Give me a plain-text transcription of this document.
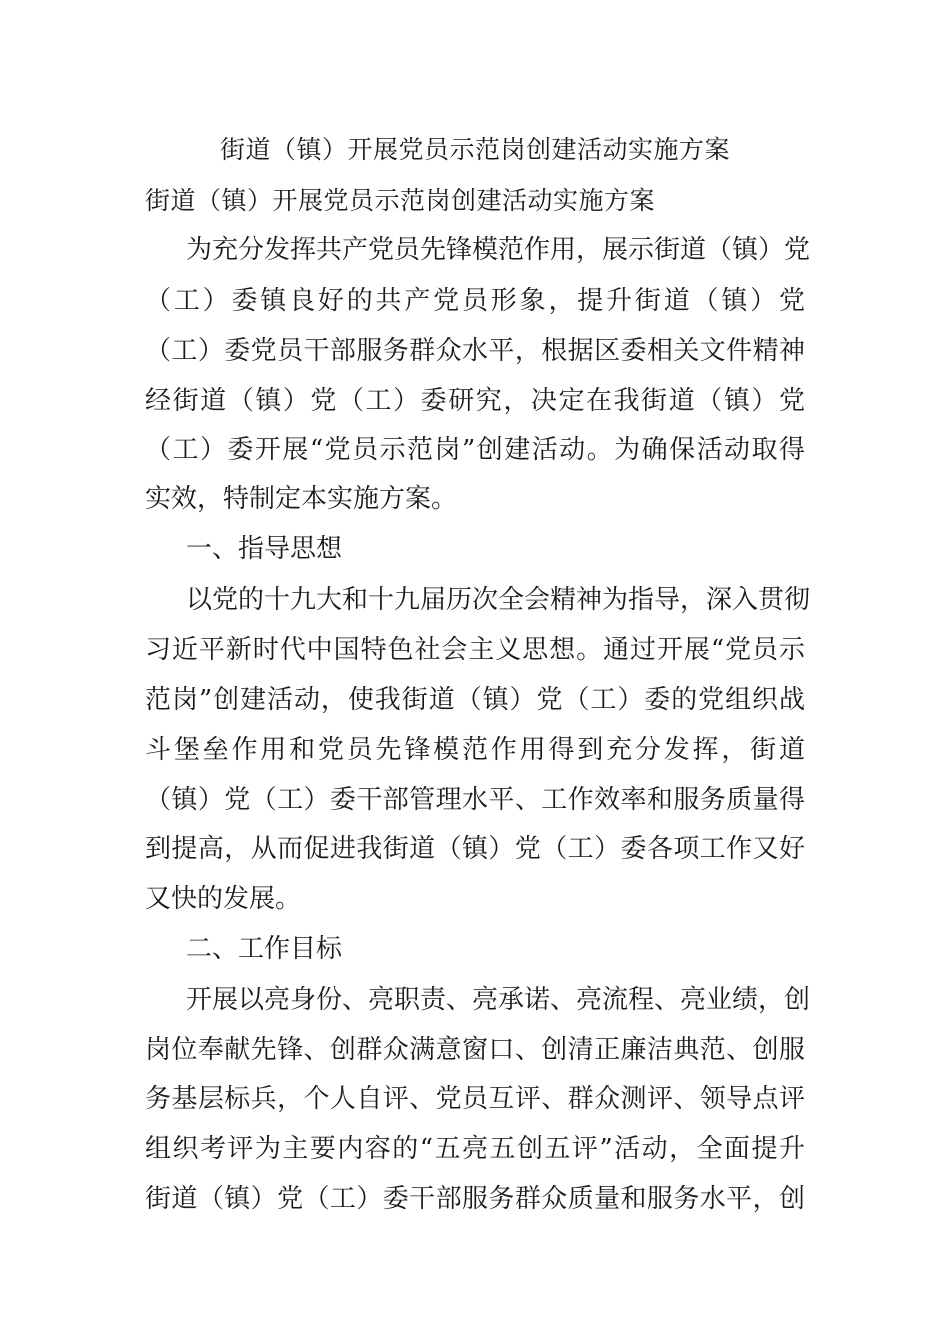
街道（镇）开展党员示范岗创建活动实施方案
街道（镇）开展党员示范岗创建活动实施方案
为充分发挥共产党员先锋模范作用，展示街道（镇）党
（工）委镇良好的共产党员形象，提升街道（镇）党
（工）委党员干部服务群众水平，根据区委相关文件精神
经街道（镇）党（工）委研究，决定在我街道（镇）党
（工）委开展“党员示范岗”创建活动。为确保活动取得
实效，特制定本实施方案。
一、指导思想
以党的十九大和十九届历次全会精神为指导，深入贯彻
习近平新时代中国特色社会主义思想。通过开展“党员示
范岗”创建活动，使我街道（镇）党（工）委的党组织战
斗堡垒作用和党员先锋模范作用得到充分发挥，街道
（镇）党（工）委干部管理水平、工作效率和服务质量得
到提高，从而促进我街道（镇）党（工）委各项工作又好
又快的发展。
二、工作目标
开展以亮身份、亮职责、亮承诺、亮流程、亮业绩，创
岗位奉献先锋、创群众满意窗口、创清正廉洁典范、创服
务基层标兵，个人自评、党员互评、群众测评、领导点评
组织考评为主要内容的“五亮五创五评”活动，全面提升
街道（镇）党（工）委干部服务群众质量和服务水平，创
